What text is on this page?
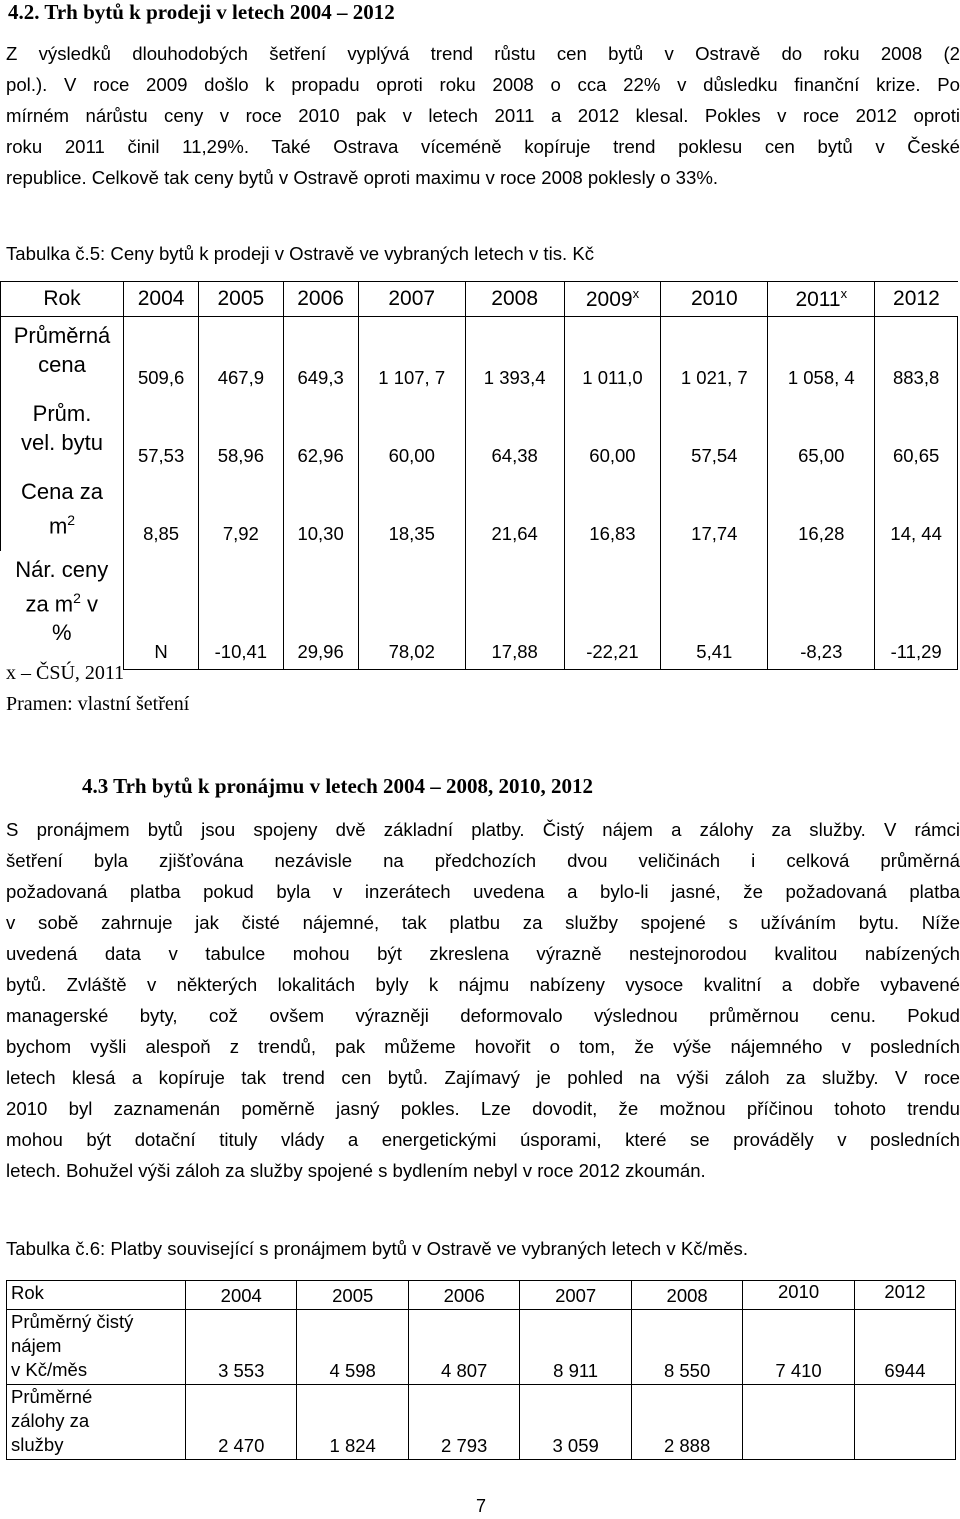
4.2. Trh bytů k prodeji v letech 2004 – 2012
Z výsledků dlouhodobých šetření vyplývá trend růstu cen bytů v Ostravě do roku 2008 (2
pol.). V roce 2009 došlo k propadu oproti roku 2008 o cca 22% v důsledku finanční krize. Po
mírném nárůstu ceny v roce 2010 pak v letech 2011 a 2012 klesal. Pokles v roce 2012 oproti
roku 2011 činil 11,29%. Také Ostrava víceméně kopíruje trend poklesu cen bytů v České
republice. Celkově tak ceny bytů v Ostravě oproti maximu v roce 2008 poklesly o 33%.
Tabulka č.5: Ceny bytů k prodeji v Ostravě ve vybraných letech v tis. Kč
Rok	2004	2005	2006	2007	2008	2009$^x$	2010	2011$^x$	2012
Průměrná
cena	509,6	467,9	649,3	1 107, 7	1 393,4	1 011,0	1 021, 7	1 058, 4	883,8
Prům.
vel. bytu	57,53	58,96	62,96	60,00	64,38	60,00	57,54	65,00	60,65
Cena za
$m^2$	8,85	7,92	10,30	18,35	21,64	16,83	17,74	16,28	14, 44
Nár. ceny
za $m^2$ v
%	N	-10,41	29,96	78,02	17,88	-22,21	5,41	-8,23	-11,29
x – ČSÚ, 2011
Pramen: vlastní šetření
4.3 Trh bytů k pronájmu v letech 2004 – 2008, 2010, 2012
S pronájmem bytů jsou spojeny dvě základní platby. Čistý nájem a zálohy za služby. V rámci
šetření byla zjišťována nezávisle na předchozích dvou veličinách i celková průměrná
požadovaná platba pokud byla v inzerátech uvedena a bylo-li jasné, že požadovaná platba
v sobě zahrnuje jak čisté nájemné, tak platbu za služby spojené s užíváním bytu. Níže
uvedená data v tabulce mohou být zkreslena výrazně nestejnorodou kvalitou nabízených
bytů. Zvláště v některých lokalitách byly k nájmu nabízeny vysoce kvalitní a dobře vybavené
managerské byty, což ovšem výrazněji deformovalo výslednou průměrnou cenu. Pokud
bychom vyšli alespoň z trendů, pak můžeme hovořit o tom, že výše nájemného v posledních
letech klesá a kopíruje tak trend cen bytů. Zajímavý je pohled na výši záloh za služby. V roce
2010 byl zaznamenán poměrně jasný pokles. Lze dovodit, že možnou příčinou tohoto trendu
mohou být dotační tituly vlády a energetickými úsporami, které se prováděly v posledních
letech. Bohužel výši záloh za služby spojené s bydlením nebyl v roce 2012 zkoumán.
Tabulka č.6: Platby související s pronájmem bytů v Ostravě ve vybraných letech v Kč/měs.
Rok	2004	2005	2006	2007	2008	2010	2012
Průměrný čistý
nájem
v Kč/měs	3 553	4 598	4 807	8 911	8 550	7 410	6944
Průměrné
zálohy za
služby	2 470	1 824	2 793	3 059	2 888		
7
